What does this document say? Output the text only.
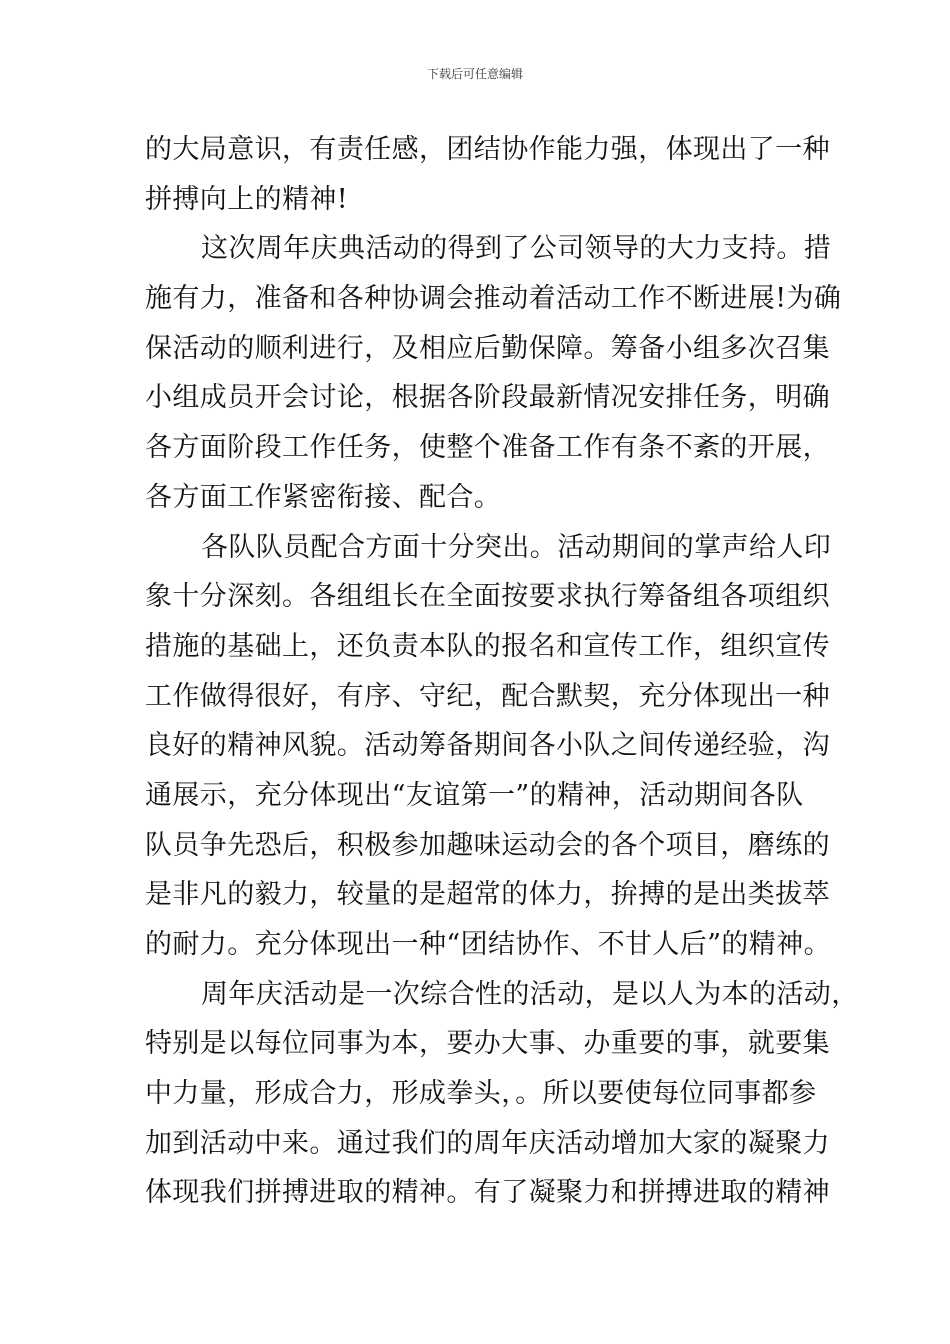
下载后可任意编辑
的大局意识，有责任感，团结协作能力强，体现出了一种
拼搏向上的精神!
这次周年庆典活动的得到了公司领导的大力支持。措
施有力，准备和各种协调会推动着活动工作不断进展!为确
保活动的顺利进行，及相应后勤保障。筹备小组多次召集
小组成员开会讨论，根据各阶段最新情况安排任务，明确
各方面阶段工作任务，使整个准备工作有条不紊的开展，
各方面工作紧密衔接、配合。
各队队员配合方面十分突出。活动期间的掌声给人印
象十分深刻。各组组长在全面按要求执行筹备组各项组织
措施的基础上，还负责本队的报名和宣传工作，组织宣传
工作做得很好，有序、守纪，配合默契，充分体现出一种
良好的精神风貌。活动筹备期间各小队之间传递经验，沟
通展示，充分体现出“友谊第一”的精神，活动期间各队
队员争先恐后，积极参加趣味运动会的各个项目，磨练的
是非凡的毅力，较量的是超常的体力，拚搏的是出类拔萃
的耐力。充分体现出一种“团结协作、不甘人后”的精神。
周年庆活动是一次综合性的活动，是以人为本的活动，
特别是以每位同事为本，要办大事、办重要的事，就要集
中力量，形成合力，形成拳头，。所以要使每位同事都参
加到活动中来。通过我们的周年庆活动增加大家的凝聚力
体现我们拼搏进取的精神。有了凝聚力和拼搏进取的精神
